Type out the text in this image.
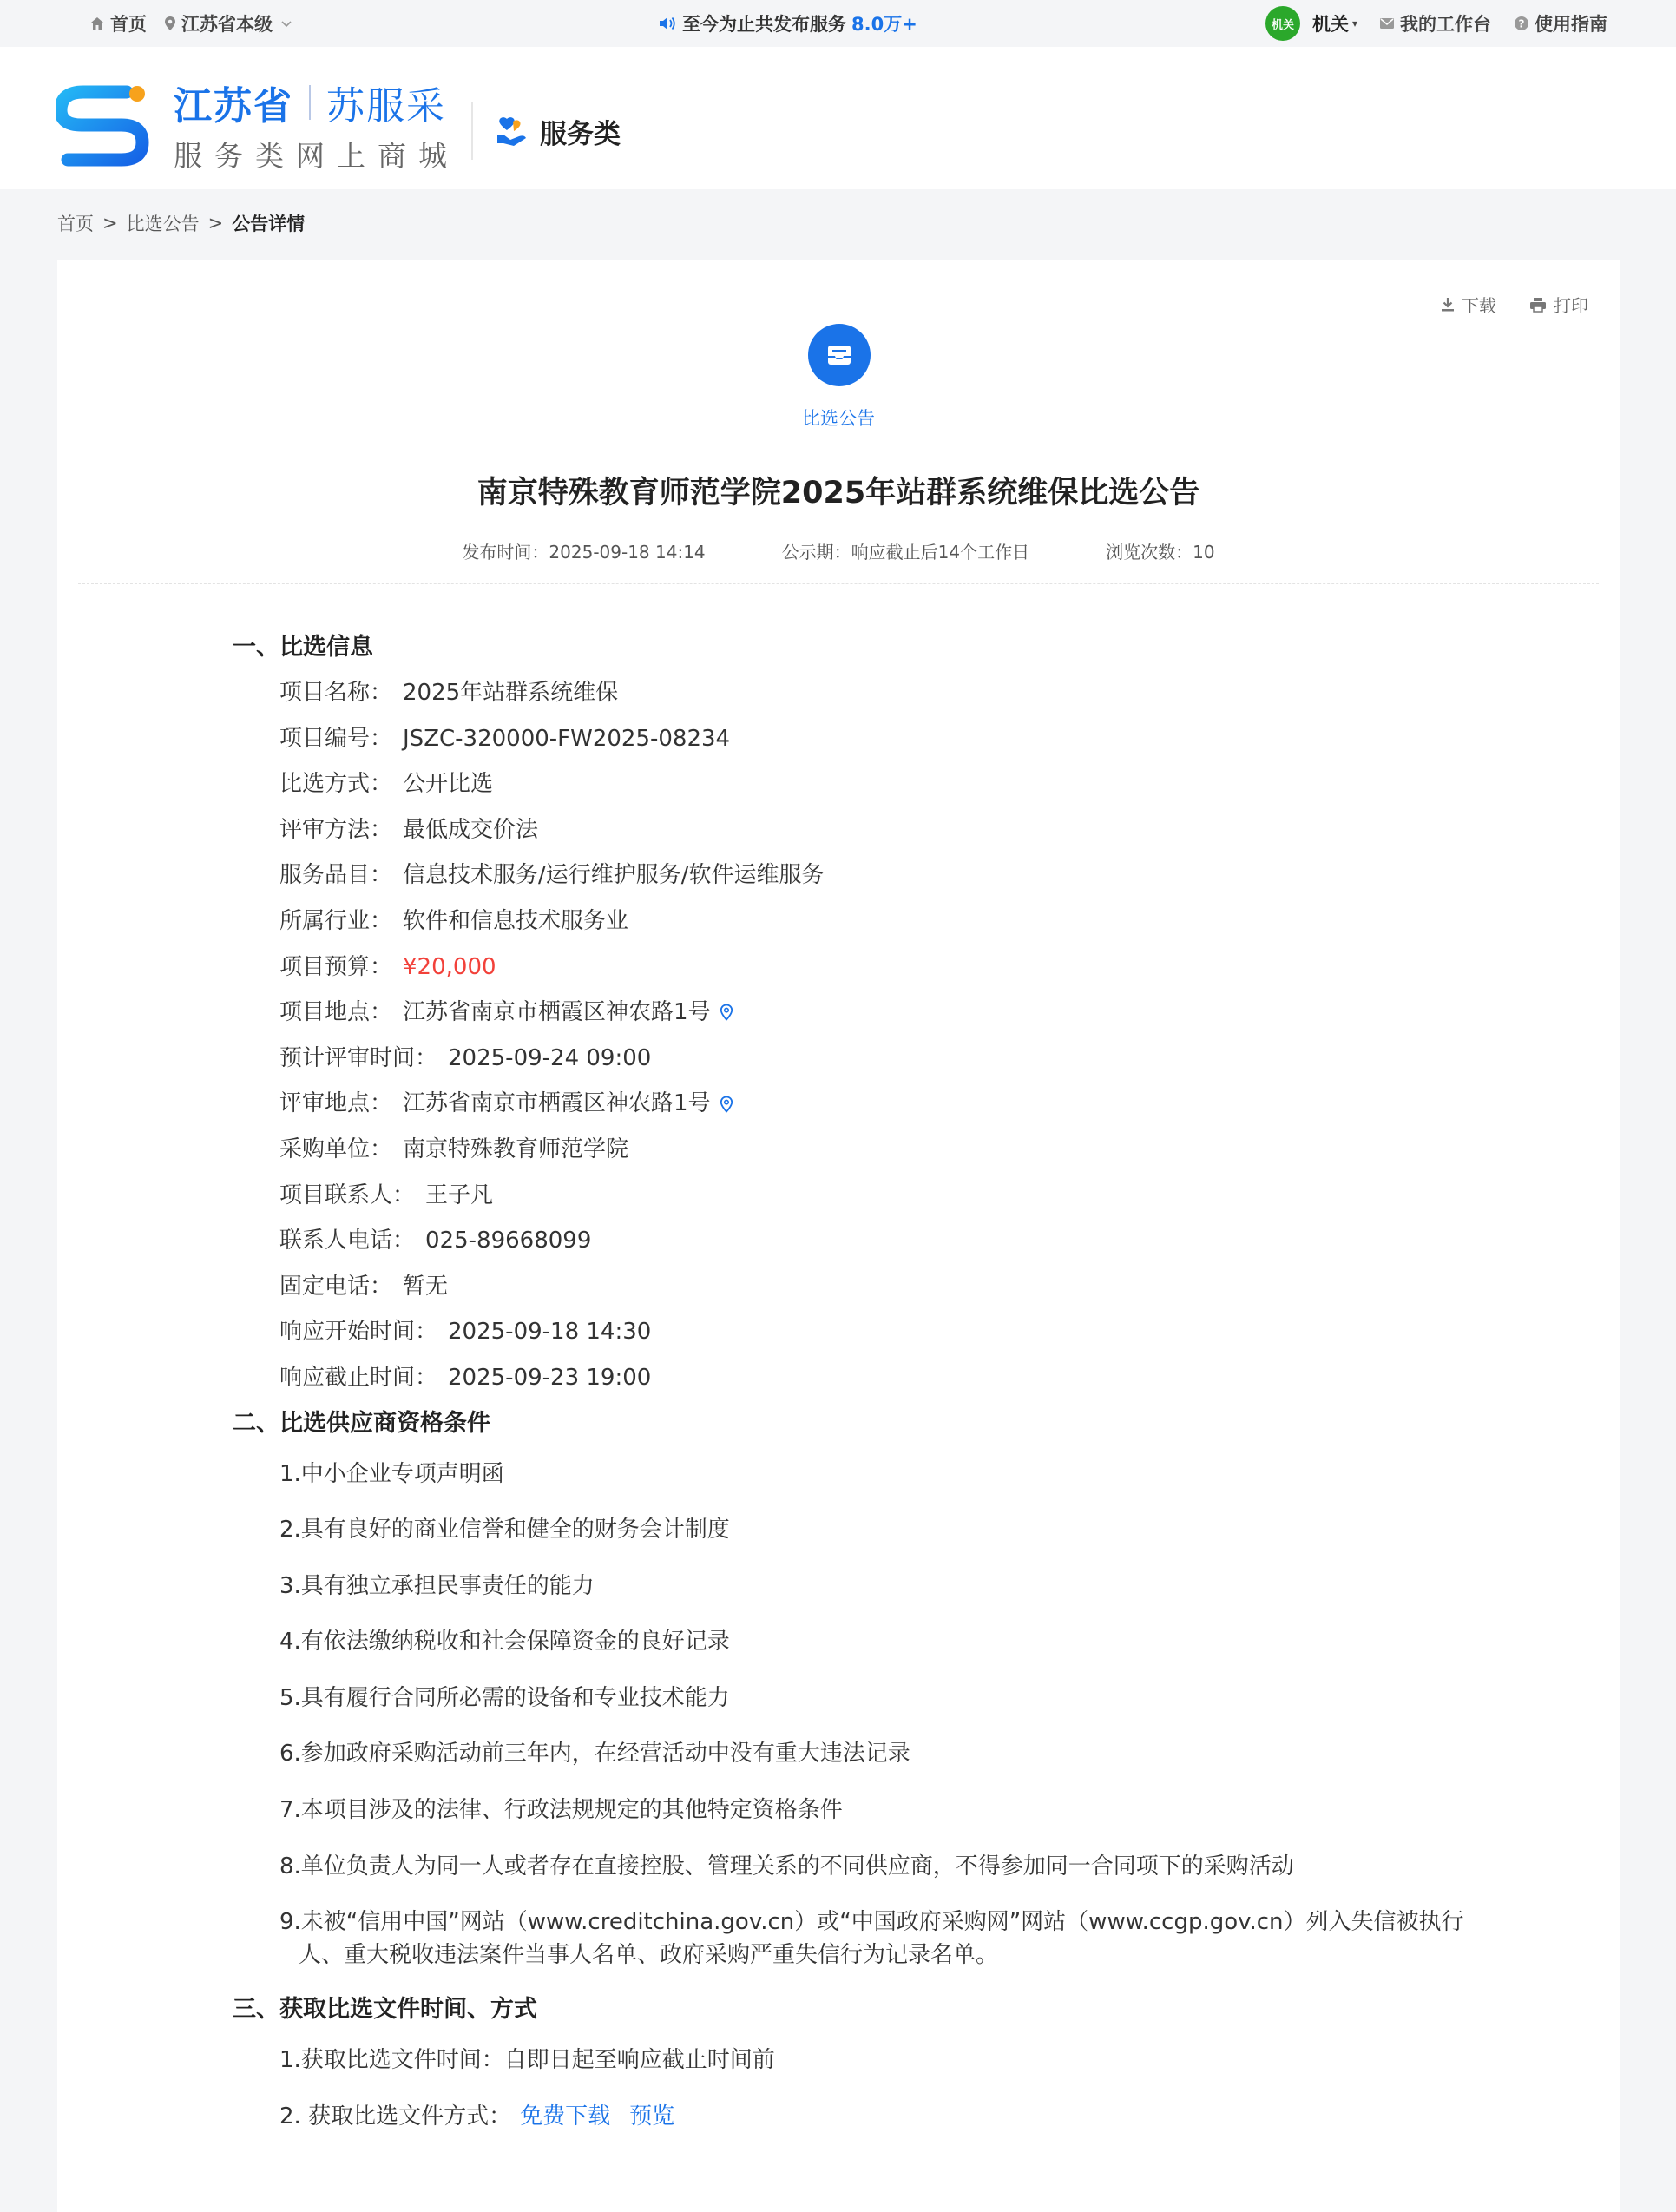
首页 江苏省本级	至今为止共发布服务 8.0万+	机关	机关 ▾ 我的工作台	? 使用指南
江苏省 苏服采
服务类网上商城
服务类
首页 > 比选公告 > 公告详情
下载	打印
比选公告
南京特殊教育师范学院2025年站群系统维保比选公告
发布时间：2025-09-18 14:14	公示期：响应截止后14个工作日	浏览次数：10
一、比选信息
项目名称： 2025年站群系统维保
项目编号： JSZC-320000-FW2025-08234
比选方式： 公开比选
评审方法： 最低成交价法
服务品目： 信息技术服务/运行维护服务/软件运维服务
所属行业： 软件和信息技术服务业
项目预算： ¥20,000
项目地点： 江苏省南京市栖霞区神农路1号
预计评审时间： 2025-09-24 09:00
评审地点： 江苏省南京市栖霞区神农路1号
采购单位： 南京特殊教育师范学院
项目联系人： 王子凡
联系人电话： 025-89668099
固定电话： 暂无
响应开始时间： 2025-09-18 14:30
响应截止时间： 2025-09-23 19:00
二、比选供应商资格条件
1.中小企业专项声明函
2.具有良好的商业信誉和健全的财务会计制度
3.具有独立承担民事责任的能力
4.有依法缴纳税收和社会保障资金的良好记录
5.具有履行合同所必需的设备和专业技术能力
6.参加政府采购活动前三年内，在经营活动中没有重大违法记录
7.本项目涉及的法律、行政法规规定的其他特定资格条件
8.单位负责人为同一人或者存在直接控股、管理关系的不同供应商，不得参加同一合同项下的采购活动
9.未被“信用中国”网站（www.creditchina.gov.cn）或“中国政府采购网”网站（www.ccgp.gov.cn）列入失信被执行
人、重大税收违法案件当事人名单、政府采购严重失信行为记录名单。
三、获取比选文件时间、方式
1.获取比选文件时间：自即日起至响应截止时间前
2. 获取比选文件方式： 免费下载 预览
